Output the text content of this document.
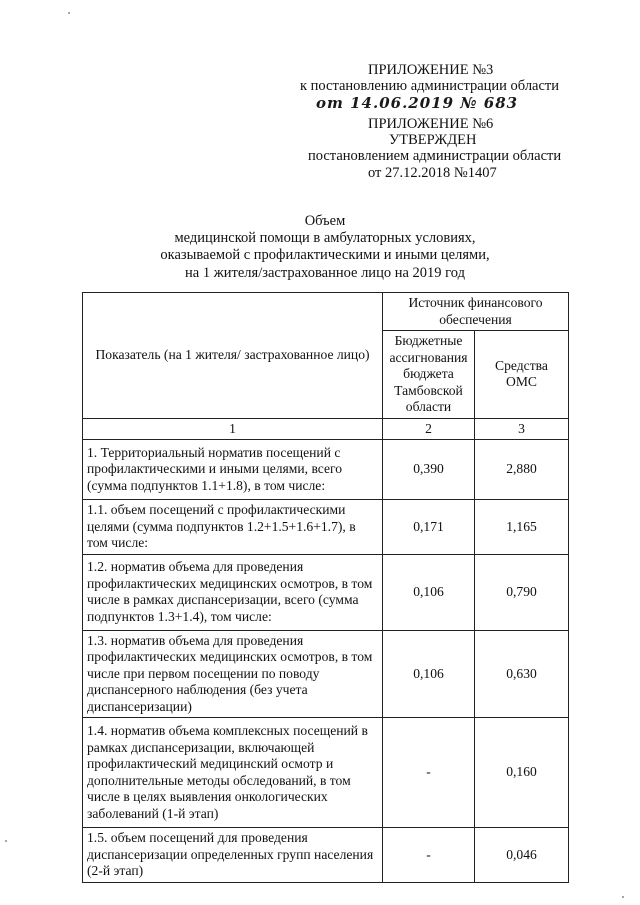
ПРИЛОЖЕНИЕ №3
к постановлению администрации области
от 14.06.2019 № 683
ПРИЛОЖЕНИЕ №6
УТВЕРЖДЕН
постановлением администрации области
от 27.12.2018 №1407
Объем
медицинской помощи в амбулаторных условиях,
оказываемой с профилактическими и иными целями,
на 1 жителя/застрахованное лицо на 2019 год
Показатель (на 1 жителя/ застрахованное лицо)	Источник финансового обеспечения	
	Бюджетные ассигнования бюджета Тамбовской области	Средства ОМС
1	2	3
1. Территориальный норматив посещений с профилактическими и иными целями, всего (сумма подпунктов 1.1+1.8), в том числе:	0,390	2,880
1.1. объем посещений с профилактическими целями (сумма подпунктов 1.2+1.5+1.6+1.7), в том числе:	0,171	1,165
1.2. норматив объема для проведения профилактических медицинских осмотров, в том числе в рамках диспансеризации, всего (сумма подпунктов 1.3+1.4), том числе:	0,106	0,790
1.3. норматив объема для проведения профилактических медицинских осмотров, в том числе при первом посещении по поводу диспансерного наблюдения (без учета диспансеризации)	0,106	0,630
1.4. норматив объема комплексных посещений в рамках диспансеризации, включающей профилактический медицинский осмотр и дополнительные методы обследований, в том числе в целях выявления онкологических заболеваний (1-й этап)	-	0,160
1.5. объем посещений для проведения диспансеризации определенных групп населения (2-й этап)	-	0,046
